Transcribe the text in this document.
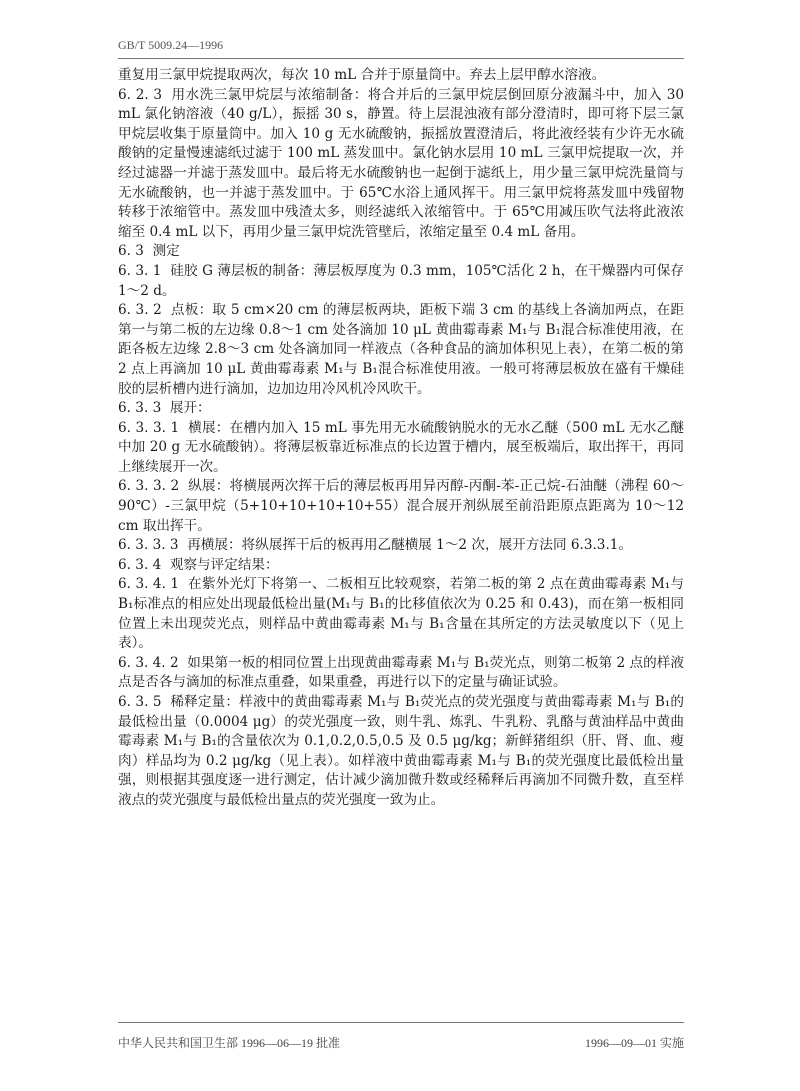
GB/T 5009.24—1996

重复用三氯甲烷提取两次，每次 10 mL 合并于原量筒中。弃去上层甲醇水溶液。

6. 2. 3  用水洗三氯甲烷层与浓缩制备：将合并后的三氯甲烷层倒回原分液漏斗中，加入 30 mL 氯化钠溶液（40 g/L），振摇 30 s，静置。待上层混浊液有部分澄清时，即可将下层三氯甲烷层收集于原量筒中。加入 10 g 无水硫酸钠，振摇放置澄清后，将此液经装有少许无水硫酸钠的定量慢速滤纸过滤于 100 mL 蒸发皿中。氯化钠水层用 10 mL 三氯甲烷提取一次，并经过滤器一并滤于蒸发皿中。最后将无水硫酸钠也一起倒于滤纸上，用少量三氯甲烷洗量筒与无水硫酸钠，也一并滤于蒸发皿中。于 65℃水浴上通风挥干。用三氯甲烷将蒸发皿中残留物转移于浓缩管中。蒸发皿中残渣太多，则经滤纸入浓缩管中。于 65℃用减压吹气法将此液浓缩至 0.4 mL 以下，再用少量三氯甲烷洗管壁后，浓缩定量至 0.4 mL 备用。

6. 3  测定

6. 3. 1  硅胶 G 薄层板的制备：薄层板厚度为 0.3 mm，105℃活化 2 h，在干燥器内可保存 1～2 d。

6. 3. 2  点板：取 5 cm×20 cm 的薄层板两块，距板下端 3 cm 的基线上各滴加两点，在距第一与第二板的左边缘 0.8～1 cm 处各滴加 10 μL 黄曲霉毒素 M₁与 B₁混合标准使用液，在距各板左边缘 2.8～3 cm 处各滴加同一样液点（各种食品的滴加体积见上表），在第二板的第 2 点上再滴加 10 μL 黄曲霉毒素 M₁与 B₁混合标准使用液。一般可将薄层板放在盛有干燥硅胶的层析槽内进行滴加，边加边用冷风机冷风吹干。

6. 3. 3  展开：

6. 3. 3. 1  横展：在槽内加入 15 mL 事先用无水硫酸钠脱水的无水乙醚（500 mL 无水乙醚中加 20 g 无水硫酸钠）。将薄层板靠近标准点的长边置于槽内，展至板端后，取出挥干，再同上继续展开一次。

6. 3. 3. 2  纵展：将横展两次挥干后的薄层板再用异丙醇-丙酮-苯-正己烷-石油醚（沸程 60～90℃）-三氯甲烷（5+10+10+10+10+55）混合展开剂纵展至前沿距原点距离为 10～12 cm 取出挥干。

6. 3. 3. 3  再横展：将纵展挥干后的板再用乙醚横展 1～2 次，展开方法同 6.3.3.1。

6. 3. 4  观察与评定结果：

6. 3. 4. 1  在紫外光灯下将第一、二板相互比较观察，若第二板的第 2 点在黄曲霉毒素 M₁与 B₁标准点的相应处出现最低检出量(M₁与 B₁的比移值依次为 0.25 和 0.43)，而在第一板相同位置上未出现荧光点，则样品中黄曲霉毒素 M₁与 B₁含量在其所定的方法灵敏度以下（见上表）。

6. 3. 4. 2  如果第一板的相同位置上出现黄曲霉毒素 M₁与 B₁荧光点，则第二板第 2 点的样液点是否各与滴加的标准点重叠，如果重叠，再进行以下的定量与确证试验。

6. 3. 5  稀释定量：样液中的黄曲霉毒素 M₁与 B₁荧光点的荧光强度与黄曲霉毒素 M₁与 B₁的最低检出量（0.0004 μg）的荧光强度一致，则牛乳、炼乳、牛乳粉、乳酪与黄油样品中黄曲霉毒素 M₁与 B₁的含量依次为 0.1,0.2,0.5,0.5 及 0.5 μg/kg；新鲜猪组织（肝、肾、血、瘦肉）样品均为 0.2 μg/kg（见上表）。如样液中黄曲霉毒素 M₁与 B₁的荧光强度比最低检出量强，则根据其强度逐一进行测定，估计减少滴加微升数或经稀释后再滴加不同微升数，直至样液点的荧光强度与最低检出量点的荧光强度一致为止。

中华人民共和国卫生部 1996—06—19 批准	1996—09—01 实施
